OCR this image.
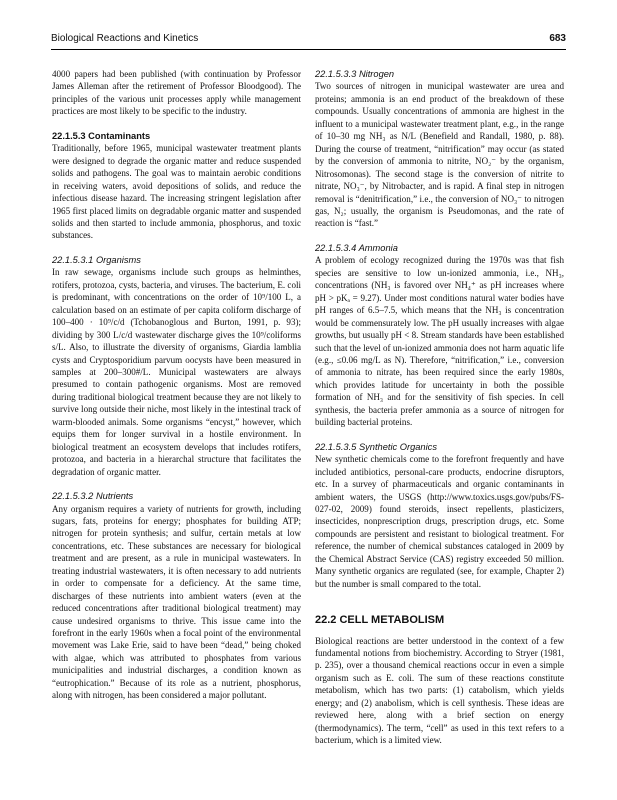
Biological Reactions and Kinetics	683

4000 papers had been published (with continuation by Professor James Alleman after the retirement of Professor Bloodgood). The principles of the various unit processes apply while management practices are most likely to be specific to the industry.

22.1.5.3 Contaminants

Traditionally, before 1965, municipal wastewater treatment plants were designed to degrade the organic matter and reduce suspended solids and pathogens. The goal was to maintain aerobic conditions in receiving waters, avoid depositions of solids, and reduce the infectious disease hazard. The increasing stringent legislation after 1965 first placed limits on degradable organic matter and suspended solids and then started to include ammonia, phosphorus, and toxic substances.

22.1.5.3.1 Organisms

In raw sewage, organisms include such groups as helminthes, rotifers, protozoa, cysts, bacteria, and viruses. The bacterium, E. coli is predominant, with concentrations on the order of 10⁹/100 L, a calculation based on an estimate of per capita coliform discharge of 100–400 · 10⁹/c/d (Tchobanoglous and Burton, 1991, p. 93); dividing by 300 L/c/d wastewater discharge gives the 10⁹/coliforms s/L. Also, to illustrate the diversity of organisms, Giardia lamblia cysts and Cryptosporidium parvum oocysts have been measured in samples at 200–300#/L. Municipal wastewaters are always presumed to contain pathogenic organisms. Most are removed during traditional biological treatment because they are not likely to survive long outside their niche, most likely in the intestinal track of warm-blooded animals. Some organisms “encyst,” however, which equips them for longer survival in a hostile environment. In biological treatment an ecosystem develops that includes rotifers, protozoa, and bacteria in a hierarchal structure that facilitates the degradation of organic matter.

22.1.5.3.2 Nutrients

Any organism requires a variety of nutrients for growth, including sugars, fats, proteins for energy; phosphates for building ATP; nitrogen for protein synthesis; and sulfur, certain metals at low concentrations, etc. These substances are necessary for biological treatment and are present, as a rule in municipal wastewaters. In treating industrial wastewaters, it is often necessary to add nutrients in order to compensate for a deficiency. At the same time, discharges of these nutrients into ambient waters (even at the reduced concentrations after traditional biological treatment) may cause undesired organisms to thrive. This issue came into the forefront in the early 1960s when a focal point of the environmental movement was Lake Erie, said to have been “dead,” being choked with algae, which was attributed to phosphates from various municipalities and industrial discharges, a condition known as “eutrophication.” Because of its role as a nutrient, phosphorus, along with nitrogen, has been considered a major pollutant.

22.1.5.3.3 Nitrogen

Two sources of nitrogen in municipal wastewater are urea and proteins; ammonia is an end product of the breakdown of these compounds. Usually concentrations of ammonia are highest in the influent to a municipal wastewater treatment plant, e.g., in the range of 10–30 mg NH₃ as N/L (Benefield and Randall, 1980, p. 88). During the course of treatment, “nitrification” may occur (as stated by the conversion of ammonia to nitrite, NO₂⁻ by the organism, Nitrosomonas). The second stage is the conversion of nitrite to nitrate, NO₃⁻, by Nitrobacter, and is rapid. A final step in nitrogen removal is “denitrification,” i.e., the conversion of NO₃⁻ to nitrogen gas, N₂; usually, the organism is Pseudomonas, and the rate of reaction is “fast.”

22.1.5.3.4 Ammonia

A problem of ecology recognized during the 1970s was that fish species are sensitive to low un-ionized ammonia, i.e., NH₃, concentrations (NH₃ is favored over NH₄⁺ as pH increases where pH > pKₐ = 9.27). Under most conditions natural water bodies have pH ranges of 6.5–7.5, which means that the NH₃ is concentration would be commensurately low. The pH usually increases with algae growths, but usually pH < 8. Stream standards have been established such that the level of un-ionized ammonia does not harm aquatic life (e.g., ≤0.06 mg/L as N). Therefore, “nitrification,” i.e., conversion of ammonia to nitrate, has been required since the early 1980s, which provides latitude for uncertainty in both the possible formation of NH₃ and for the sensitivity of fish species. In cell synthesis, the bacteria prefer ammonia as a source of nitrogen for building bacterial proteins.

22.1.5.3.5 Synthetic Organics

New synthetic chemicals come to the forefront frequently and have included antibiotics, personal-care products, endocrine disruptors, etc. In a survey of pharmaceuticals and organic contaminants in ambient waters, the USGS (http://www.toxics.usgs.gov/pubs/FS-027-02, 2009) found steroids, insect repellents, plasticizers, insecticides, nonprescription drugs, prescription drugs, etc. Some compounds are persistent and resistant to biological treatment. For reference, the number of chemical substances cataloged in 2009 by the Chemical Abstract Service (CAS) registry exceeded 50 million. Many synthetic organics are regulated (see, for example, Chapter 2) but the number is small compared to the total.

22.2 CELL METABOLISM

Biological reactions are better understood in the context of a few fundamental notions from biochemistry. According to Stryer (1981, p. 235), over a thousand chemical reactions occur in even a simple organism such as E. coli. The sum of these reactions constitute metabolism, which has two parts: (1) catabolism, which yields energy; and (2) anabolism, which is cell synthesis. These ideas are reviewed here, along with a brief section on energy (thermodynamics). The term, “cell” as used in this text refers to a bacterium, which is a limited view.
